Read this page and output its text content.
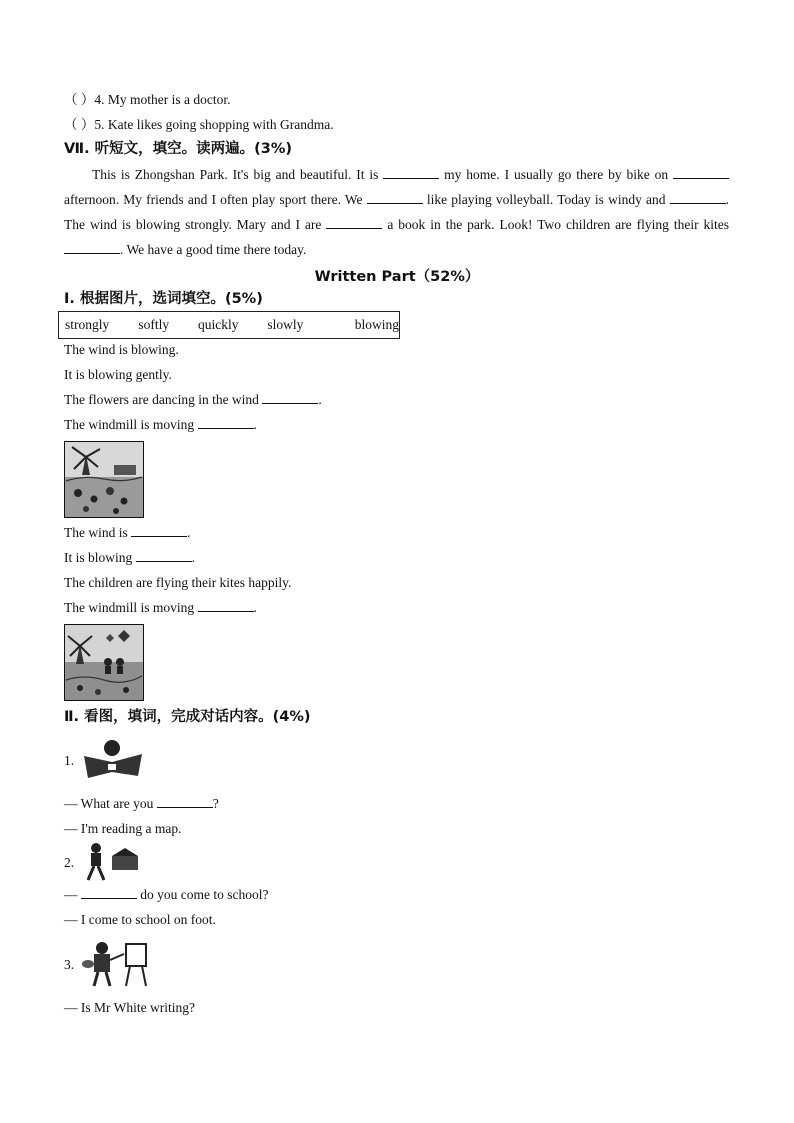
（ ）4. My mother is a doctor.
（ ）5. Kate likes going shopping with Grandma.
Ⅶ. 听短文，填空。读两遍。(3%)

This is Zhongshan Park. It's big and beautiful. It is	my home. I usually go there by bike on  afternoon. My friends and I often play sport there. We	like playing volleyball. Today is windy and	. The wind is blowing strongly. Mary and I are	a book in the park. Look! Two children are flying their kites . We have a good time there today.

Written Part（52%）
Ⅰ. 根据图片，选词填空。(5%)
strongly	softly	quickly	slowly	blowing
The wind is blowing.
It is blowing gently.
The flowers are dancing in the wind	.
The windmill is moving	.
The wind is	.
It is blowing	.
The children are flying their kites happily.
The windmill is moving	.
Ⅱ. 看图，填词，完成对话内容。(4%)
1.
— What are you	?
— I'm reading a map.
2.
—	do you come to school?
— I come to school on foot.
3.
— Is Mr White writing?
